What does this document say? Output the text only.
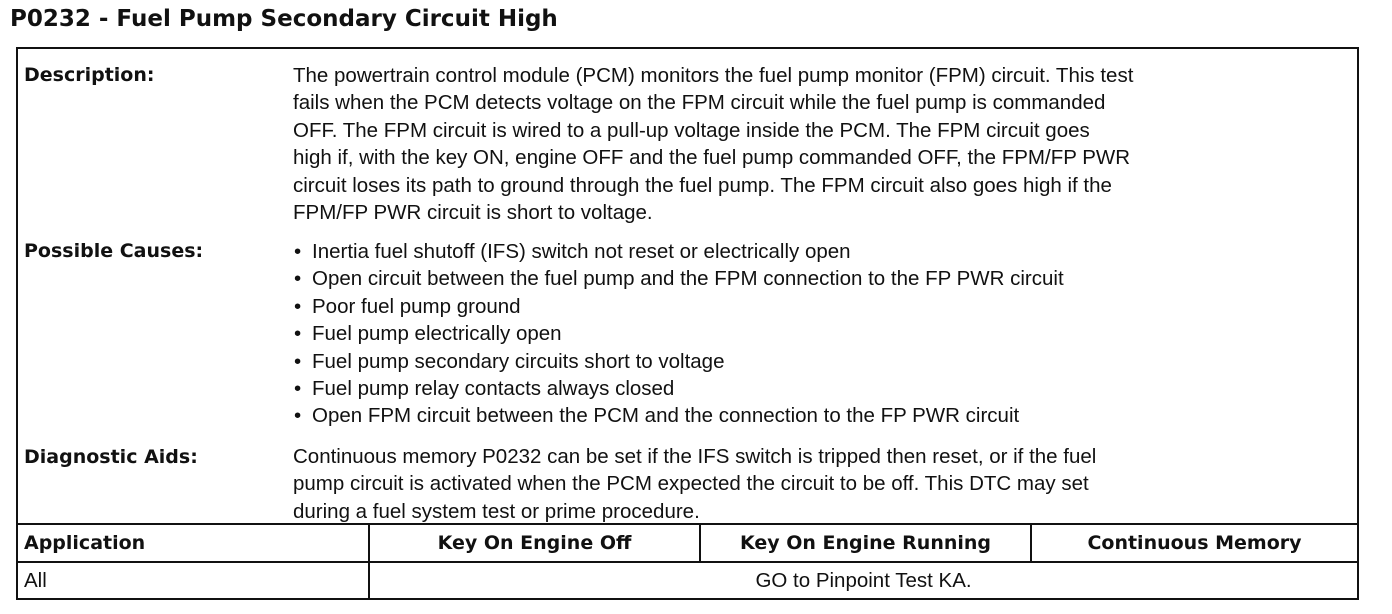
P0232 - Fuel Pump Secondary Circuit High
Description:	The powertrain control module (PCM) monitors the fuel pump monitor (FPM) circuit. This test
fails when the PCM detects voltage on the FPM circuit while the fuel pump is commanded
OFF. The FPM circuit is wired to a pull-up voltage inside the PCM. The FPM circuit goes
high if, with the key ON, engine OFF and the fuel pump commanded OFF, the FPM/FP PWR
circuit loses its path to ground through the fuel pump. The FPM circuit also goes high if the
FPM/FP PWR circuit is short to voltage.
Possible Causes:
•	Inertia fuel shutoff (IFS) switch not reset or electrically open
• Open circuit between the fuel pump and the FPM connection to the FP PWR circuit
• Poor fuel pump ground
• Fuel pump electrically open
• Fuel pump secondary circuits short to voltage
• Fuel pump relay contacts always closed
• Open FPM circuit between the PCM and the connection to the FP PWR circuit
Diagnostic Aids:	Continuous memory P0232 can be set if the IFS switch is tripped then reset, or if the fuel
pump circuit is activated when the PCM expected the circuit to be off. This DTC may set
during a fuel system test or prime procedure.
Application	Key On Engine Off	Key On Engine Running	Continuous Memory
All	GO to Pinpoint Test KA.
